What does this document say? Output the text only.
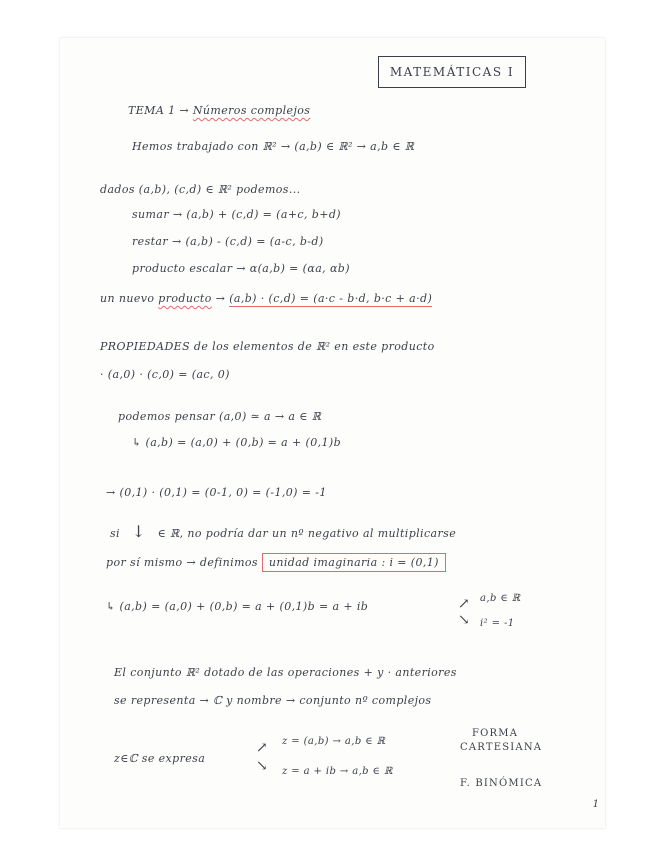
MATEMÁTICAS I
TEMA 1 → Números complejos
Hemos trabajado con ℝ² → (a,b) ∈ ℝ² → a,b ∈ ℝ
dados (a,b), (c,d) ∈ ℝ² podemos...
sumar → (a,b) + (c,d) = (a+c, b+d)
restar → (a,b) - (c,d) = (a-c, b-d)
producto escalar → α(a,b) = (αa, αb)
un nuevo producto → (a,b) · (c,d) = (a·c - b·d, b·c + a·d)
PROPIEDADES de los elementos de ℝ² en este producto
· (a,0) · (c,0) = (ac, 0)
podemos pensar (a,0) ≃ a → a ∈ ℝ
↳ (a,b) = (a,0) + (0,b) = a + (0,1)b
→ (0,1) · (0,1) = (0-1, 0) = (-1,0) = -1
si ↓ ∈ ℝ, no podría dar un nº negativo al multiplicarse
por sí mismo → definimos unidad imaginaria : i = (0,1)
↳ (a,b) = (a,0) + (0,b) = a + (0,1)b = a + ib	↗ a,b ∈ ℝ
↘ i² = -1
El conjunto ℝ² dotado de las operaciones + y · anteriores
se representa → ℂ y nombre → conjunto nº complejos
z∈ℂ se expresa
↗ z = (a,b) → a,b ∈ ℝ
↘ z = a + ib → a,b ∈ ℝ
FORMA
CARTESIANA
F. BINÓMICA
1
